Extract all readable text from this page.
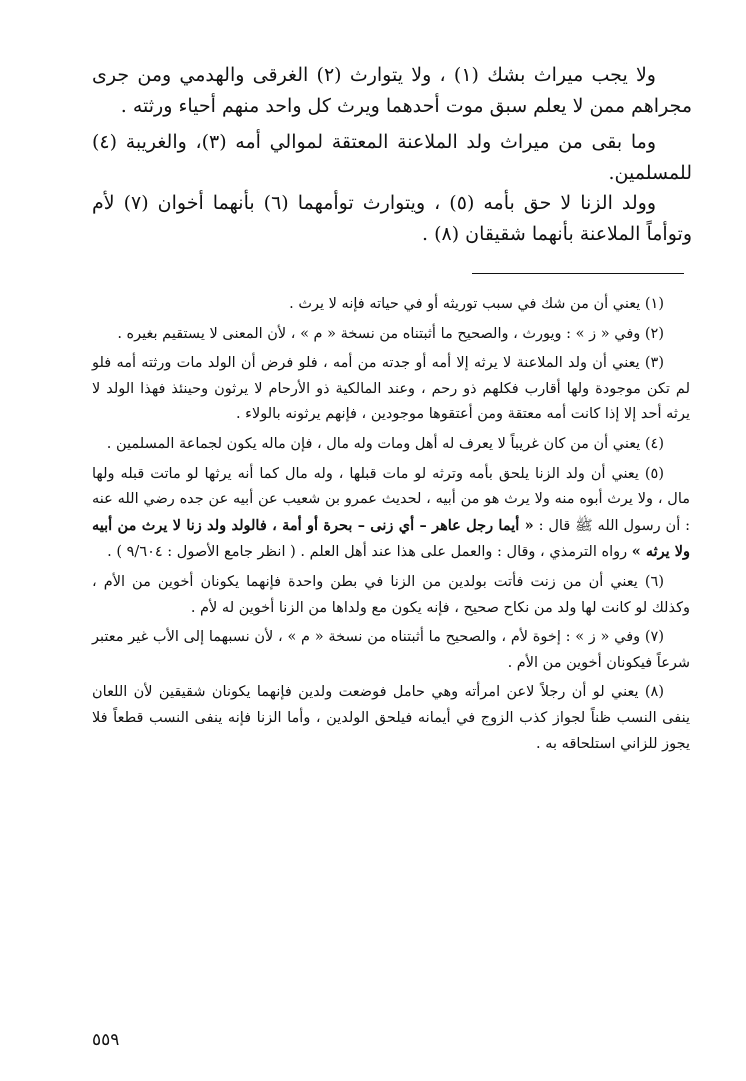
ولا يجب ميراث بشك (١) ، ولا يتوارث (٢) الغرقى والهدمي ومن جرى مجراهم ممن لا يعلم سبق موت أحدهما ويرث كل واحد منهم أحياء ورثته .

وما بقى من ميراث ولد الملاعنة المعتقة لموالي أمه (٣)، والغريبة (٤) للمسلمين.

وولد الزنا لا حق بأمه (٥) ، ويتوارث توأمهما (٦) بأنهما أخوان (٧) لأم وتوأماً الملاعنة بأنهما شقيقان (٨) .

(١) يعني أن من شك في سبب توريثه أو في حياته فإنه لا يرث .

(٢) وفي « ز » : ويورث ، والصحيح ما أثبتناه من نسخة « م » ، لأن المعنى لا يستقيم بغيره .

(٣) يعني أن ولد الملاعنة لا يرثه إلا أمه أو جدته من أمه ، فلو فرض أن الولد مات ورثته أمه فلو لم تكن موجودة ولها أقارب فكلهم ذو رحم ، وعند المالكية ذو الأرحام لا يرثون وحينئذ فهذا الولد لا يرثه أحد إلا إذا كانت أمه معتقة ومن أعتقوها موجودين ، فإنهم يرثونه بالولاء .

(٤) يعني أن من كان غريباً لا يعرف له أهل ومات وله مال ، فإن ماله يكون لجماعة المسلمين .

(٥) يعني أن ولد الزنا يلحق بأمه وترثه لو مات قبلها ، وله مال كما أنه يرثها لو ماتت قبله ولها مال ، ولا يرث أبوه منه ولا يرث هو من أبيه ، لحديث عمرو بن شعيب عن أبيه عن جده رضي الله عنه : أن رسول الله ﷺ قال : « أيما رجل عاهر – أي زنى – بحرة أو أمة ، فالولد ولد زنا لا يرث من أبيه ولا يرثه » رواه الترمذي ، وقال : والعمل على هذا عند أهل العلم . ( انظر جامع الأصول : ٩/٦٠٤ ) .

(٦) يعني أن من زنت فأتت بولدين من الزنا في بطن واحدة فإنهما يكونان أخوين من الأم ، وكذلك لو كانت لها ولد من نكاح صحيح ، فإنه يكون مع ولداها من الزنا أخوين له لأم .

(٧) وفي « ز » : إخوة لأم ، والصحيح ما أثبتناه من نسخة « م » ، لأن نسبهما إلى الأب غير معتبر شرعاً فيكونان أخوين من الأم .

(٨) يعني لو أن رجلاً لاعن امرأته وهي حامل فوضعت ولدين فإنهما يكونان شقيقين لأن اللعان ينفى النسب ظناً لجواز كذب الزوج في أيمانه فيلحق الولدين ، وأما الزنا فإنه ينفى النسب قطعاً فلا يجوز للزاني استلحاقه به .

٥٥٩
